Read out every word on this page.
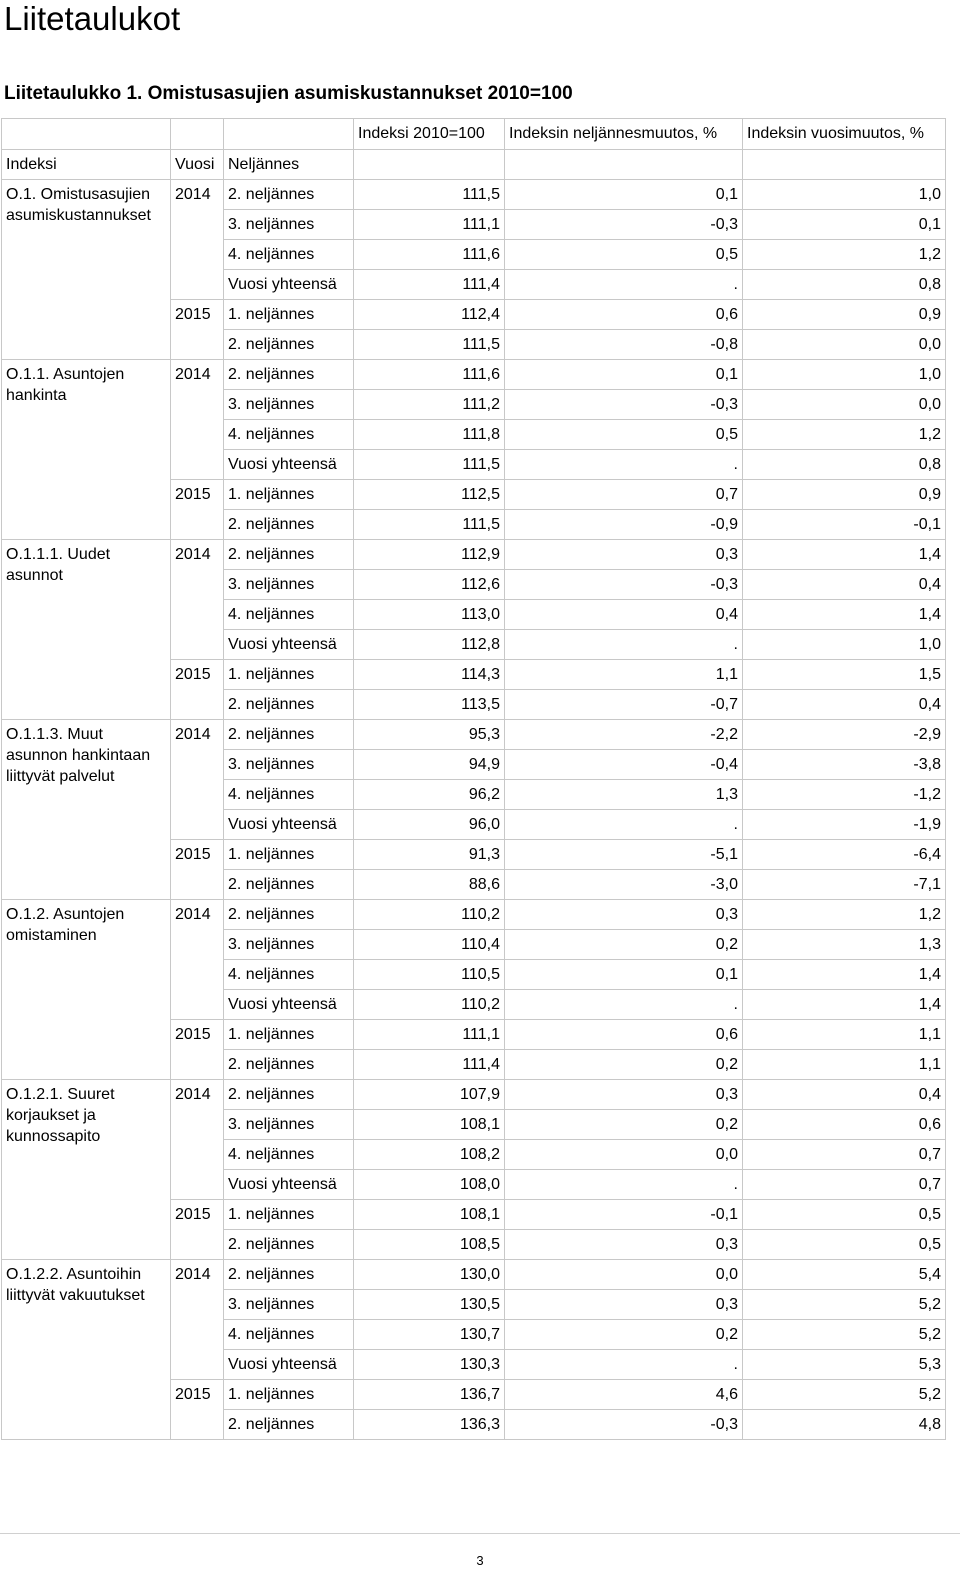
Liitetaulukot
Liitetaulukko 1. Omistusasujien asumiskustannukset 2010=100
			Indeksi 2010=100	Indeksin neljännesmuutos, %	Indeksin vuosimuutos, %
Indeksi	Vuosi	Neljännes			
O.1. Omistusasujien asumiskustannukset	2014	2. neljännes	111,5	0,1	1,0
		3. neljännes	111,1	-0,3	0,1
		4. neljännes	111,6	0,5	1,2
		Vuosi yhteensä	111,4	.	0,8
	2015	1. neljännes	112,4	0,6	0,9
		2. neljännes	111,5	-0,8	0,0
O.1.1. Asuntojen hankinta	2014	2. neljännes	111,6	0,1	1,0
		3. neljännes	111,2	-0,3	0,0
		4. neljännes	111,8	0,5	1,2
		Vuosi yhteensä	111,5	.	0,8
	2015	1. neljännes	112,5	0,7	0,9
		2. neljännes	111,5	-0,9	-0,1
O.1.1.1. Uudet asunnot	2014	2. neljännes	112,9	0,3	1,4
		3. neljännes	112,6	-0,3	0,4
		4. neljännes	113,0	0,4	1,4
		Vuosi yhteensä	112,8	.	1,0
	2015	1. neljännes	114,3	1,1	1,5
		2. neljännes	113,5	-0,7	0,4
O.1.1.3. Muut asunnon hankintaan liittyvät palvelut	2014	2. neljännes	95,3	-2,2	-2,9
		3. neljännes	94,9	-0,4	-3,8
		4. neljännes	96,2	1,3	-1,2
		Vuosi yhteensä	96,0	.	-1,9
	2015	1. neljännes	91,3	-5,1	-6,4
		2. neljännes	88,6	-3,0	-7,1
O.1.2. Asuntojen omistaminen	2014	2. neljännes	110,2	0,3	1,2
		3. neljännes	110,4	0,2	1,3
		4. neljännes	110,5	0,1	1,4
		Vuosi yhteensä	110,2	.	1,4
	2015	1. neljännes	111,1	0,6	1,1
		2. neljännes	111,4	0,2	1,1
O.1.2.1. Suuret korjaukset ja kunnossapito	2014	2. neljännes	107,9	0,3	0,4
		3. neljännes	108,1	0,2	0,6
		4. neljännes	108,2	0,0	0,7
		Vuosi yhteensä	108,0	.	0,7
	2015	1. neljännes	108,1	-0,1	0,5
		2. neljännes	108,5	0,3	0,5
O.1.2.2. Asuntoihin liittyvät vakuutukset	2014	2. neljännes	130,0	0,0	5,4
		3. neljännes	130,5	0,3	5,2
		4. neljännes	130,7	0,2	5,2
		Vuosi yhteensä	130,3	.	5,3
	2015	1. neljännes	136,7	4,6	5,2
		2. neljännes	136,3	-0,3	4,8
3
